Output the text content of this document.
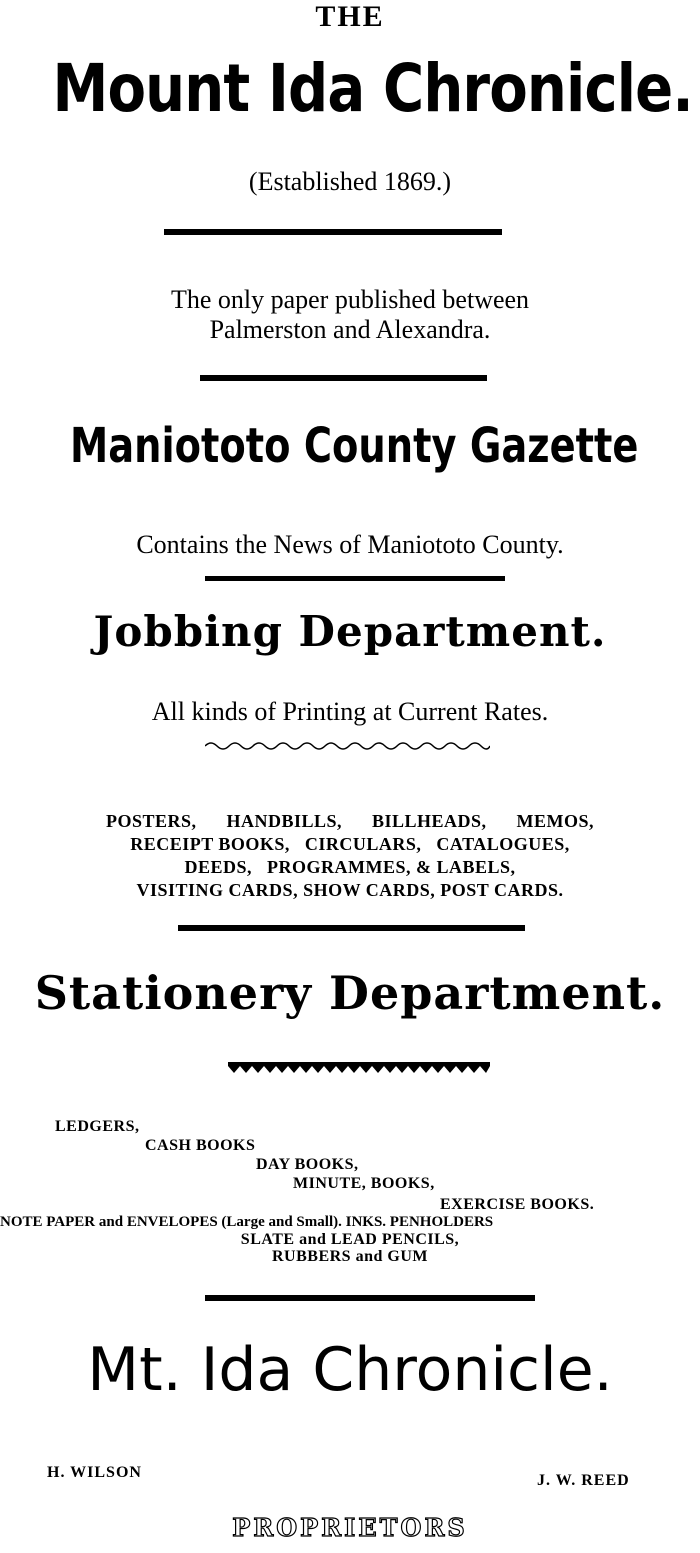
THE
Mount Ida Chronicle.
(Established 1869.)
The only paper published between
Palmerston and Alexandra.
Maniototo County Gazette
Contains the News of Maniototo County.
Jobbing Department.
All kinds of Printing at Current Rates.
POSTERS,      HANDBILLS,      BILLHEADS,      MEMOS,
RECEIPT BOOKS,   CIRCULARS,   CATALOGUES,
DEEDS,   PROGRAMMES, & LABELS,
VISITING CARDS, SHOW CARDS, POST CARDS.
Stationery Department.
LEDGERS,
CASH BOOKS
DAY BOOKS,
MINUTE, BOOKS,
EXERCISE BOOKS.
NOTE PAPER and ENVELOPES (Large and Small). INKS. PENHOLDERS
SLATE and LEAD PENCILS,
RUBBERS and GUM
Mt. Ida Chronicle.
H. WILSON	J. W. REED
PROPRIETORS
